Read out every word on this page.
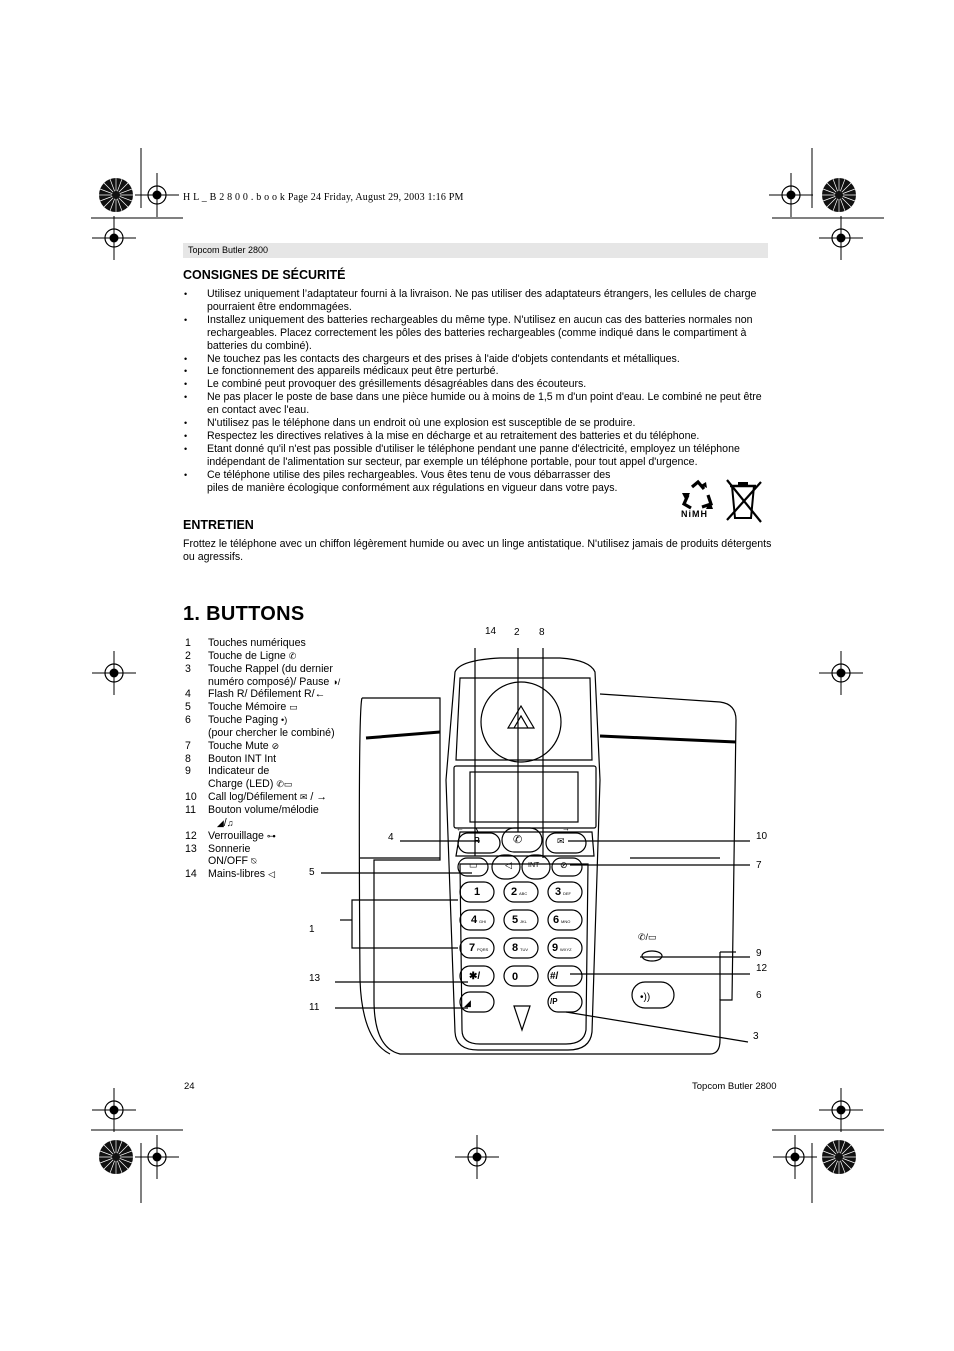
H L _ B 2 8 0 0 . b o o k Page 24 Friday, August 29, 2003 1:16 PM
Topcom Butler 2800
CONSIGNES DE SÉCURITÉ
• Utilisez uniquement l’adaptateur fourni à la livraison. Ne pas utiliser des adaptateurs étrangers, les cellules de charge pourraient être endommagées.
• Installez uniquement des batteries rechargeables du même type. N'utilisez en aucun cas des batteries normales non rechargeables. Placez correctement les pôles des batteries rechargeables (comme indiqué dans le compartiment à batteries du combiné).
• Ne touchez pas les contacts des chargeurs et des prises à l'aide d'objets contendants et métalliques.
• Le fonctionnement des appareils médicaux peut être perturbé.
• Le combiné peut provoquer des grésillements désagréables dans des écouteurs.
• Ne pas placer le poste de base dans une pièce humide ou à moins de 1,5 m d'un point d'eau. Le combiné ne peut être en contact avec l'eau.
• N'utilisez pas le téléphone dans un endroit où une explosion est susceptible de se produire.
• Respectez les directives relatives à la mise en décharge et au retraitement des batteries et du téléphone.
• Etant donné qu'il n'est pas possible d'utiliser le téléphone pendant une panne d'électricité, employez un téléphone indépendant de l'alimentation sur secteur, par exemple un téléphone portable, pour tout appel d'urgence.
• Ce téléphone utilise des piles rechargeables. Vous êtes tenu de vous débarrasser des
piles de manière écologique conformément aux régulations en vigueur dans votre pays.
NiMH
ENTRETIEN

Frottez le téléphone avec un chiffon légèrement humide ou avec un linge antistatique. N'utilisez jamais de produits détergents ou agressifs.

1. BUTTONS
1	Touches numériques
2	Touche de Ligne ✆
3	Touche Rappel (du dernier
numéro composé)/ Pause ◑/
4	Flash R/ Défilement R/←
5	Touche Mémoire ▭
6	Touche Paging •)
(pour chercher le combiné)
7	Touche Mute ⊘
8	Bouton INT Int
9	Indicateur de
Charge (LED) ✆▭
10	Call log/Défilement ✉ / →
11	Bouton volume/mélodie
◢/♫
12	Verrouillage ⊶
13	Sonnerie
ON/OFF ⍉
14	Mains-libres ◁
←	→
✆/▭
•))
14 2 8
4
5
1
13
11
10
7
9
12
6
3
R	✆	✉
▭	◁ INT ⊘
1	2 ABC	3 DEF
4 GHI 5 JKL 6 MNO
7 PQRS 8 TUV 9 WXYZ
✱/	0	#/
◢	/P
24	Topcom Butler 2800
